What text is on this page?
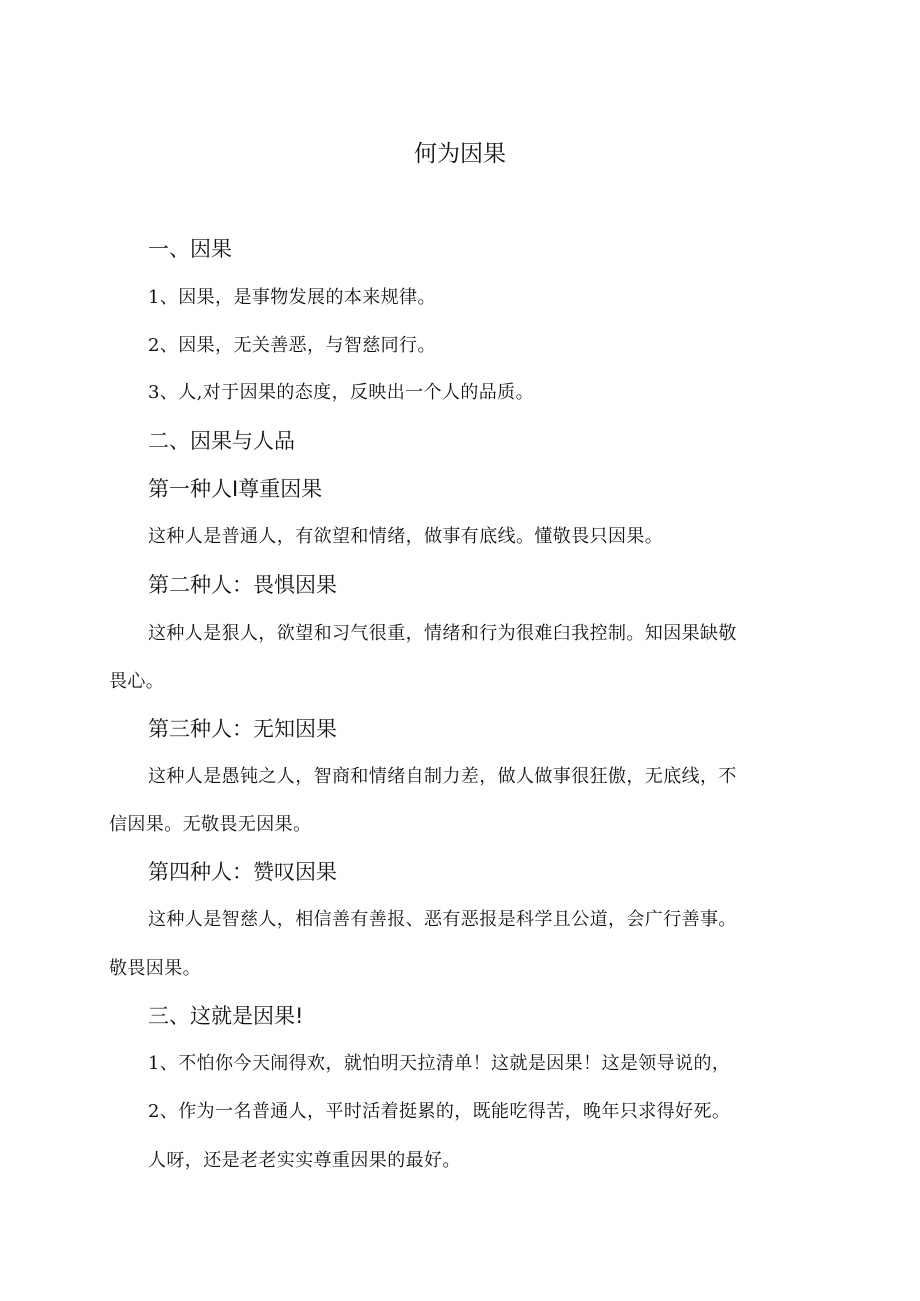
何为因果
一、因果
1、因果，是事物发展的本来规律。
2、因果，无关善恶，与智慈同行。
3、人,对于因果的态度，反映出一个人的品质。
二、因果与人品
第一种人I尊重因果
这种人是普通人，有欲望和情绪，做事有底线。懂敬畏只因果。
第二种人：畏惧因果
这种人是狠人，欲望和习气很重，情绪和行为很难臼我控制。知因果缺敬
畏心。
第三种人：无知因果
这种人是愚钝之人，智商和情绪自制力差，做人做事很狂傲，无底线，不
信因果。无敬畏无因果。
第四种人：赞叹因果
这种人是智慈人，相信善有善报、恶有恶报是科学且公道，会广行善事。
敬畏因果。
三、这就是因果!
1、不怕你今天闹得欢，就怕明天拉清单！这就是因果！这是领导说的，
2、作为一名普通人，平时活着挺累的，既能吃得苦，晚年只求得好死。
人呀，还是老老实实尊重因果的最好。
